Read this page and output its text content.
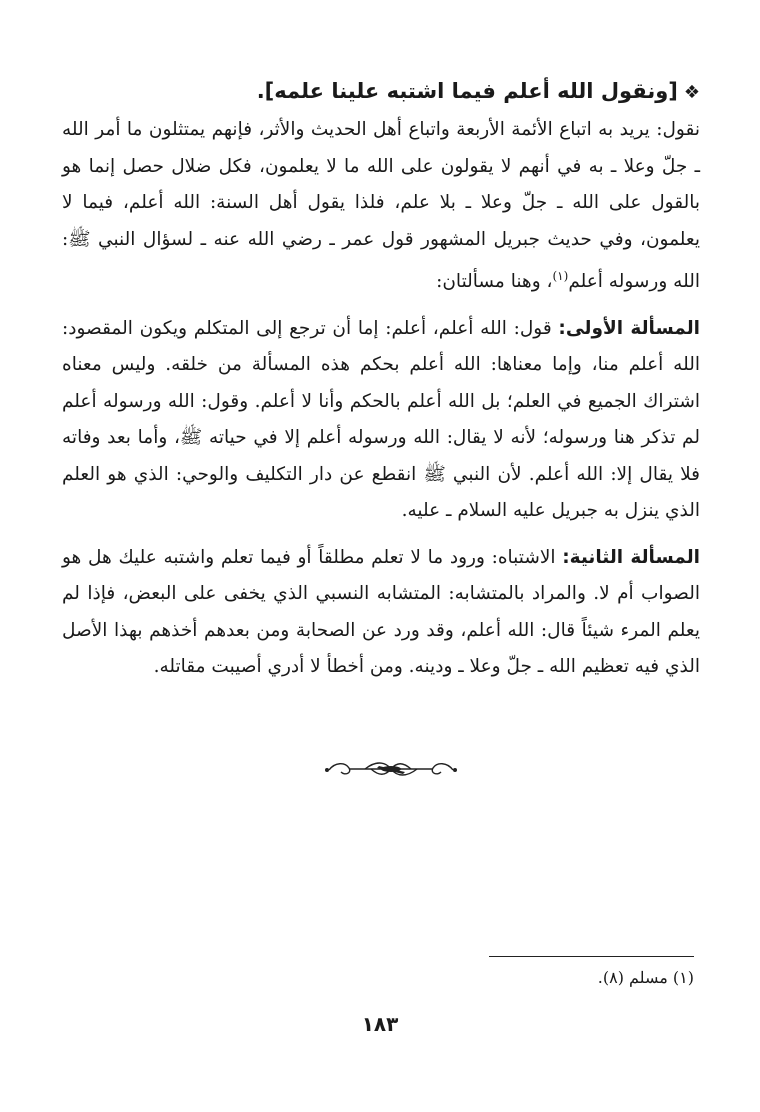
❖[ونقول الله أعلم فيما اشتبه علينا علمه].

نقول: يريد به اتباع الأئمة الأربعة واتباع أهل الحديث والأثر، فإنهم يمتثلون ما أمر الله ـ جلّ وعلا ـ به في أنهم لا يقولون على الله ما لا يعلمون، فكل ضلال حصل إنما هو بالقول على الله ـ جلّ وعلا ـ بلا علم، فلذا يقول أهل السنة: الله أعلم، فيما لا يعلمون، وفي حديث جبريل المشهور قول عمر ـ رضي الله عنه ـ لسؤال النبي ﷺ: الله ورسوله أعلم$^{(١)}$، وهنا مسألتان:

المسألة الأولى: قول: الله أعلم، أعلم: إما أن ترجع إلى المتكلم ويكون المقصود: الله أعلم منا، وإما معناها: الله أعلم بحكم هذه المسألة من خلقه. وليس معناه اشتراك الجميع في العلم؛ بل الله أعلم بالحكم وأنا لا أعلم. وقول: الله ورسوله أعلم لم تذكر هنا ورسوله؛ لأنه لا يقال: الله ورسوله أعلم إلا في حياته ﷺ، وأما بعد وفاته فلا يقال إلا: الله أعلم. لأن النبي ﷺ انقطع عن دار التكليف والوحي: الذي هو العلم الذي ينزل به جبريل عليه السلام ـ عليه.

المسألة الثانية: الاشتباه: ورود ما لا تعلم مطلقاً أو فيما تعلم واشتبه عليك هل هو الصواب أم لا. والمراد بالمتشابه: المتشابه النسبي الذي يخفى على البعض، فإذا لم يعلم المرء شيئاً قال: الله أعلم، وقد ورد عن الصحابة ومن بعدهم أخذهم بهذا الأصل الذي فيه تعظيم الله ـ جلّ وعلا ـ ودينه. ومن أخطأ لا أدري أصيبت مقاتله.

(١) مسلم (٨).

١٨٣
